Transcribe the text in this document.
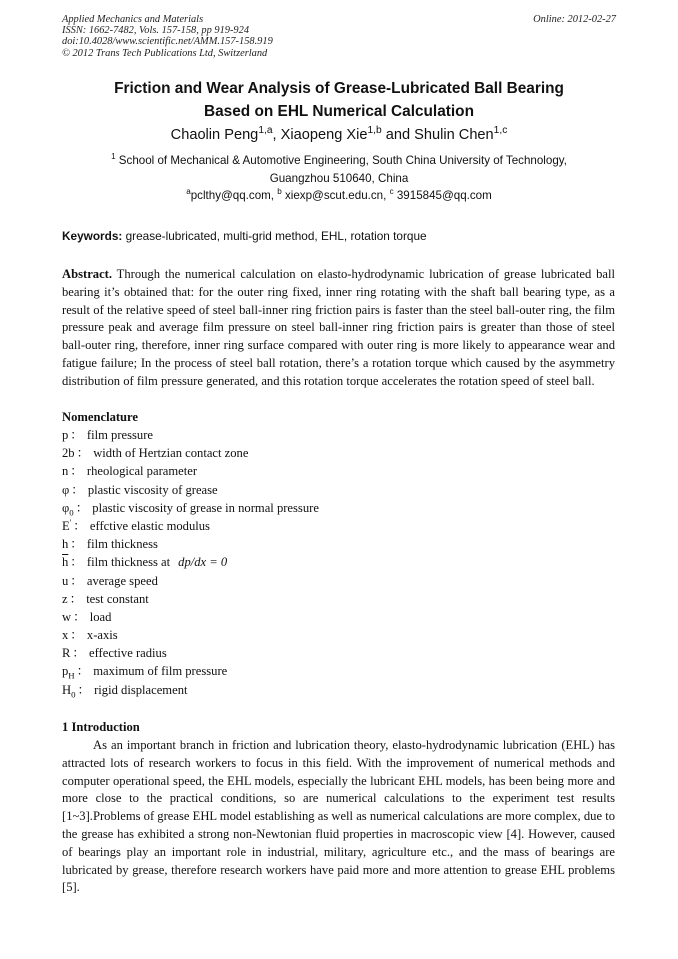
Applied Mechanics and Materials
ISSN: 1662-7482, Vols. 157-158, pp 919-924
doi:10.4028/www.scientific.net/AMM.157-158.919
© 2012 Trans Tech Publications Ltd, Switzerland
Online: 2012-02-27
Friction and Wear Analysis of Grease-Lubricated Ball Bearing
Based on EHL Numerical Calculation
Chaolin Peng$^{1,a}$, Xiaopeng Xie$^{1,b}$ and Shulin Chen$^{1,c}$
$^1$ School of Mechanical & Automotive Engineering, South China University of Technology,
Guangzhou 510640, China
$^a$pclthy@qq.com, $^b$ xiexp@scut.edu.cn, $^c$ 3915845@qq.com
Keywords: grease-lubricated, multi-grid method, EHL, rotation torque
Abstract. Through the numerical calculation on elasto-hydrodynamic lubrication of grease lubricated ball bearing it’s obtained that: for the outer ring fixed, inner ring rotating with the shaft ball bearing type, as a result of the relative speed of steel ball-inner ring friction pairs is faster than the steel ball-outer ring, the film pressure peak and average film pressure on steel ball-inner ring friction pairs is greater than those of steel ball-outer ring, therefore, inner ring surface compared with outer ring is more likely to appearance wear and fatigue failure; In the process of steel ball rotation, there’s a rotation torque which caused by the asymmetry distribution of film pressure generated, and this rotation torque accelerates the rotation speed of steel ball.
Nomenclature
p ： film pressure
2b ： width of Hertzian contact zone
n ： rheological parameter
φ ： plastic viscosity of grease
$\varphi_0$ ： plastic viscosity of grease in normal pressure
E' ： effctive elastic modulus
h ： film thickness
$\overline{h}$ ： film thickness at dp/dx = 0
u ： average speed
z ： test constant
w ： load
x ： x-axis
R ： effective radius
$p_H$ ： maximum of film pressure
$H_0$ ： rigid displacement
1 Introduction
As an important branch in friction and lubrication theory, elasto-hydrodynamic lubrication (EHL) has attracted lots of research workers to focus in this field. With the improvement of numerical methods and computer operational speed, the EHL models, especially the lubricant EHL models, has been being more and more close to the practical conditions, so are numerical calculations to the experiment test results [1~3].Problems of grease EHL model establishing as well as numerical calculations are more complex, due to the grease has exhibited a strong non-Newtonian fluid properties in macroscopic view [4]. However, caused of bearings play an important role in industrial, military, agriculture etc., and the mass of bearings are lubricated by grease, therefore research workers have paid more and more attention to grease EHL problems [5].
